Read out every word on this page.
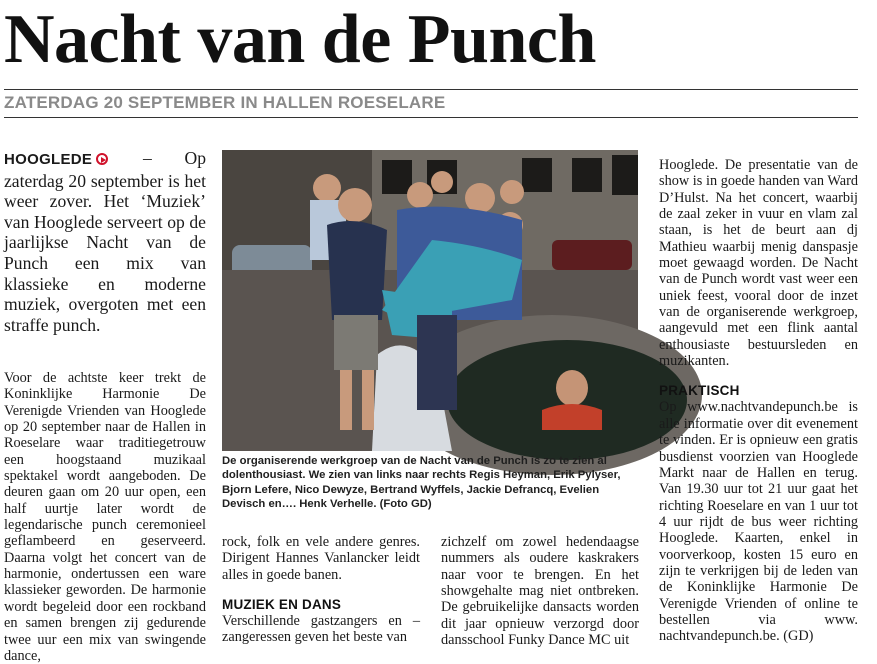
Nacht van de Punch
ZATERDAG 20 SEPTEMBER IN HALLEN ROESELARE
HOOGLEDE	– Op zaterdag 20 september is het weer zover. Het ‘Muziek’ van Hooglede serveert op de jaarlijkse Nacht van de Punch een mix van klassieke en moderne muziek, overgoten met een straffe punch.

Voor de achtste keer trekt de Koninklijke Harmonie De Verenigde Vrienden van Hooglede op 20 september naar de Hallen in Roeselare waar traditiegetrouw een hoogstaand muzikaal spektakel wordt aangeboden. De deuren gaan om 20 uur open, een half uurtje later wordt de legendarische punch ceremonieel geflambeerd en geserveerd. Daarna volgt het concert van de harmonie, ondertussen een ware klassieker geworden. De harmonie wordt begeleid door een rockband en samen brengen zij gedurende twee uur een mix van swingende dance,

De organiserende werkgroep van de Nacht van de Punch is zo te zien al dolenthousiast. We zien van links naar rechts Regis Heyman, Erik Pylyser, Bjorn Lefere, Nico Dewyze, Bertrand Wyffels, Jackie Defrancq, Evelien Devisch en…. Henk Verhelle. (Foto GD)

rock, folk en vele andere genres. Dirigent Hannes Vanlancker leidt alles in goede banen.

MUZIEK EN DANS

Verschillende gastzangers en –zangeressen geven het beste van

zichzelf om zowel hedendaagse nummers als oudere kaskrakers naar voor te brengen. En het showgehalte mag niet ontbreken. De gebruikelijke dansacts worden dit jaar opnieuw verzorgd door dansschool Funky Dance MC uit

Hooglede. De presentatie van de show is in goede handen van Ward D’Hulst. Na het concert, waarbij de zaal zeker in vuur en vlam zal staan, is het de beurt aan dj Mathieu waarbij menig danspasje moet gewaagd worden. De Nacht van de Punch wordt vast weer een uniek feest, vooral door de inzet van de organiserende werkgroep, aangevuld met een flink aantal enthousiaste bestuursleden en muzikanten.

PRAKTISCH

Op www.nachtvandepunch.be is alle informatie over dit evenement te vinden. Er is opnieuw een gratis busdienst voorzien van Hooglede Markt naar de Hallen en terug. Van 19.30 uur tot 21 uur gaat het richting Roeselare en van 1 uur tot 4 uur rijdt de bus weer richting Hooglede. Kaarten, enkel in voorverkoop, kosten 15 euro en zijn te verkrijgen bij de leden van de Koninklijke Harmonie De Verenigde Vrienden of online te bestellen via www. nachtvandepunch.be. (GD)
